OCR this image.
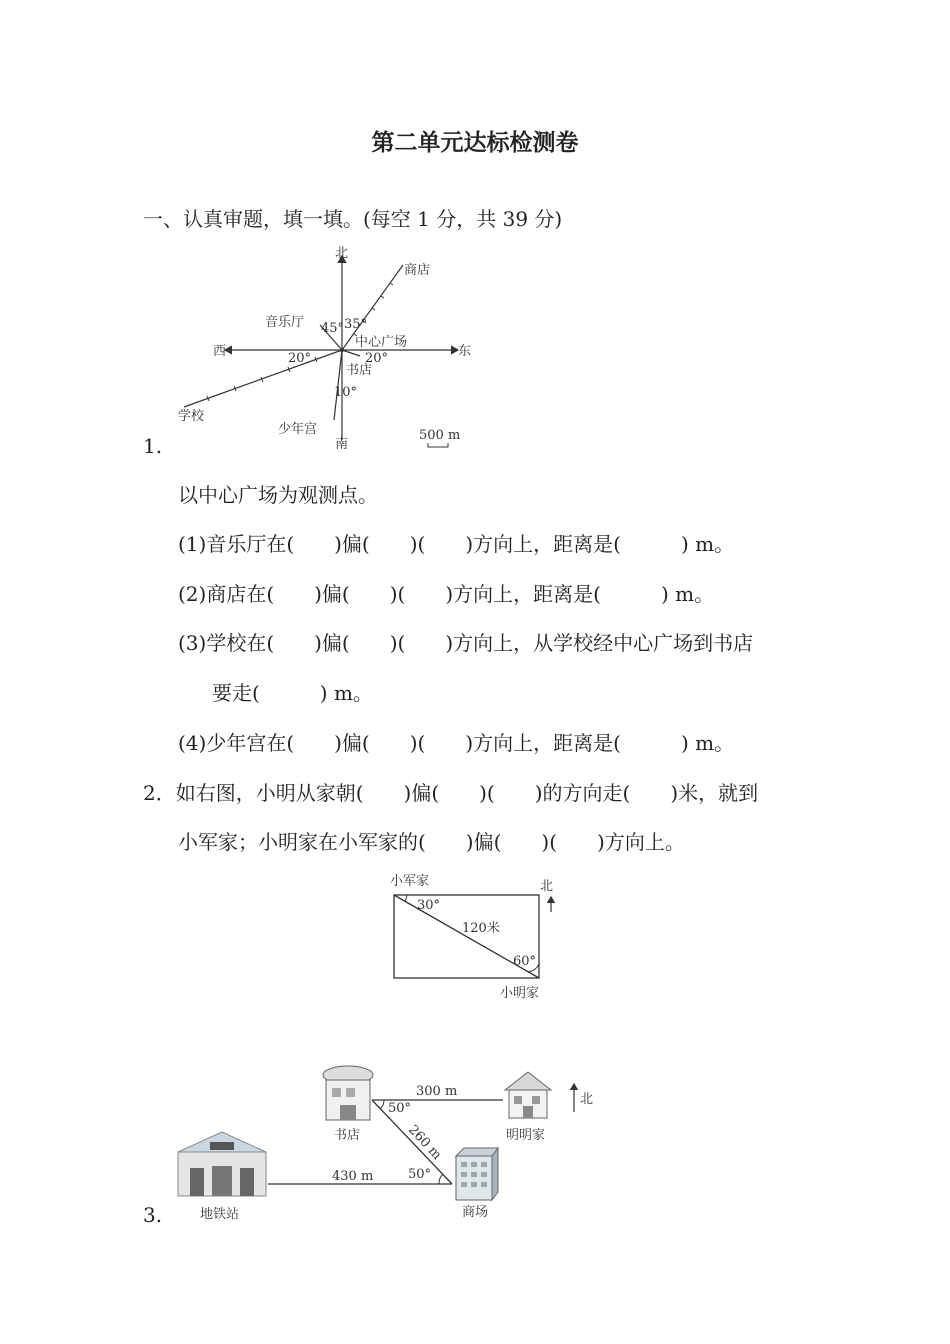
第二单元达标检测卷
一、认真审题，填一填。(每空 1 分，共 39 分)
北
南
东
西
商店
音乐厅
中心广场
书店
学校
少年宫
45° 35°
20°	20°
10°
500 m
1.
以中心广场为观测点。
(1)音乐厅在(　　)偏(　　)(　　)方向上，距离是(　　　) m。
(2)商店在(　　)偏(　　)(　　)方向上，距离是(　　　) m。
(3)学校在(　　)偏(　　)(　　)方向上，从学校经中心广场到书店
要走(　　　) m。
(4)少年宫在(　　)偏(　　)(　　)方向上，距离是(　　　) m。
2．如右图，小明从家朝(　　)偏(　　)(　　)的方向走(　　)米，就到
小军家；小明家在小军家的(　　)偏(　　)(　　)方向上。
小军家	北
30°
120米
60°
小明家
300 m
50°
260 m
430 m	50°
北
书店	明明家
地铁站	商场
3.
